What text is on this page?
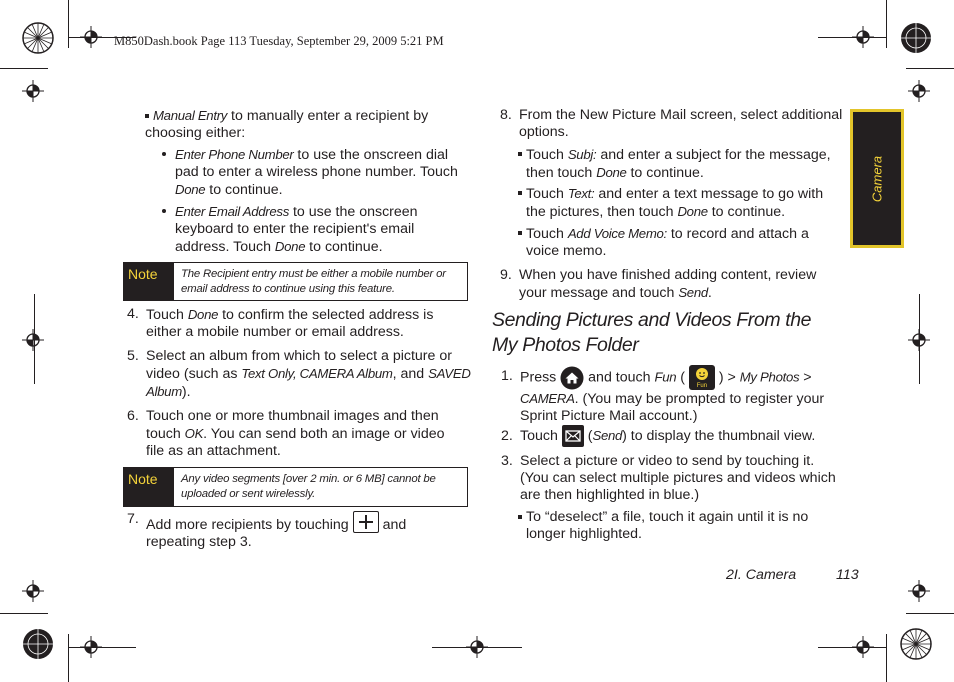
M850Dash.book Page 113 Tuesday, September 29, 2009 5:21 PM
Camera
Manual Entry to manually enter a recipient by choosing either:
Enter Phone Number to use the onscreen dial pad to enter a wireless phone number. Touch Done to continue.
Enter Email Address to use the onscreen keyboard to enter the recipient's email address. Touch Done to continue.
Note	The Recipient entry must be either a mobile number or email address to continue using this feature.
4. Touch Done to confirm the selected address is either a mobile number or email address.
5. Select an album from which to select a picture or video (such as Text Only, CAMERA Album, and SAVED Album).
6. Touch one or more thumbnail images and then touch OK. You can send both an image or video file as an attachment.
Note	Any video segments [over 2 min. or 6 MB] cannot be uploaded or sent wirelessly.
7. Add more recipients by touching
and repeating step 3.
8. From the New Picture Mail screen, select additional options.
Touch Subj: and enter a subject for the message, then touch Done to continue.
Touch Text: and enter a text message to go with the pictures, then touch Done to continue.
Touch Add Voice Memo: to record and attach a voice memo.
9. When you have finished adding content, review your message and touch Send.
Sending Pictures and Videos From the
My Photos Folder
1. Press  and touch Fun (
Fun
) > My Photos > CAMERA. (You may be prompted to register your Sprint Picture Mail account.)
2. Touch
(Send) to display the thumbnail view.
3. Select a picture or video to send by touching it. (You can select multiple pictures and videos which are then highlighted in blue.)
To “deselect” a file, touch it again until it is no longer highlighted.
2I. Camera	113
